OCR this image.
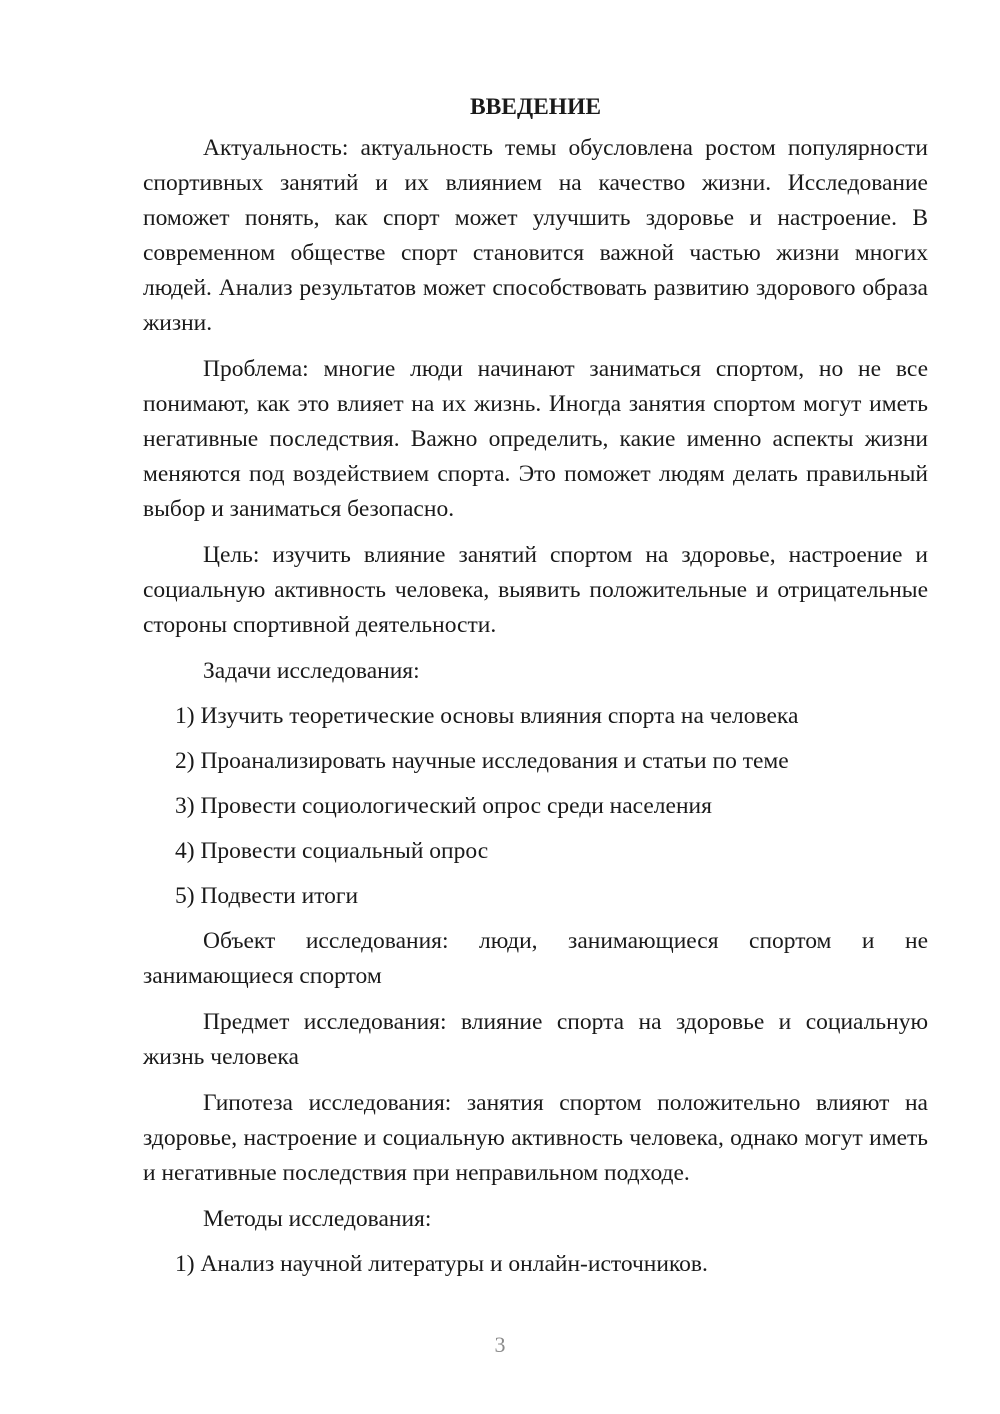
ВВЕДЕНИЕ

Актуальность: актуальность темы обусловлена ростом популярности спортивных занятий и их влиянием на качество жизни. Исследование поможет понять, как спорт может улучшить здоровье и настроение. В современном обществе спорт становится важной частью жизни многих людей. Анализ результатов может способствовать развитию здорового образа жизни.

Проблема: многие люди начинают заниматься спортом, но не все понимают, как это влияет на их жизнь. Иногда занятия спортом могут иметь негативные последствия. Важно определить, какие именно аспекты жизни меняются под воздействием спорта. Это поможет людям делать правильный выбор и заниматься безопасно.

Цель: изучить влияние занятий спортом на здоровье, настроение и социальную активность человека, выявить положительные и отрицательные стороны спортивной деятельности.

Задачи исследования:

1) Изучить теоретические основы влияния спорта на человека
2) Проанализировать научные исследования и статьи по теме
3) Провести социологический опрос среди населения
4) Провести социальный опрос
5) Подвести итоги

Объект исследования: люди, занимающиеся спортом и не занимающиеся спортом

Предмет исследования: влияние спорта на здоровье и социальную жизнь человека

Гипотеза исследования: занятия спортом положительно влияют на здоровье, настроение и социальную активность человека, однако могут иметь и негативные последствия при неправильном подходе.

Методы исследования:

1) Анализ научной литературы и онлайн-источников.
3
